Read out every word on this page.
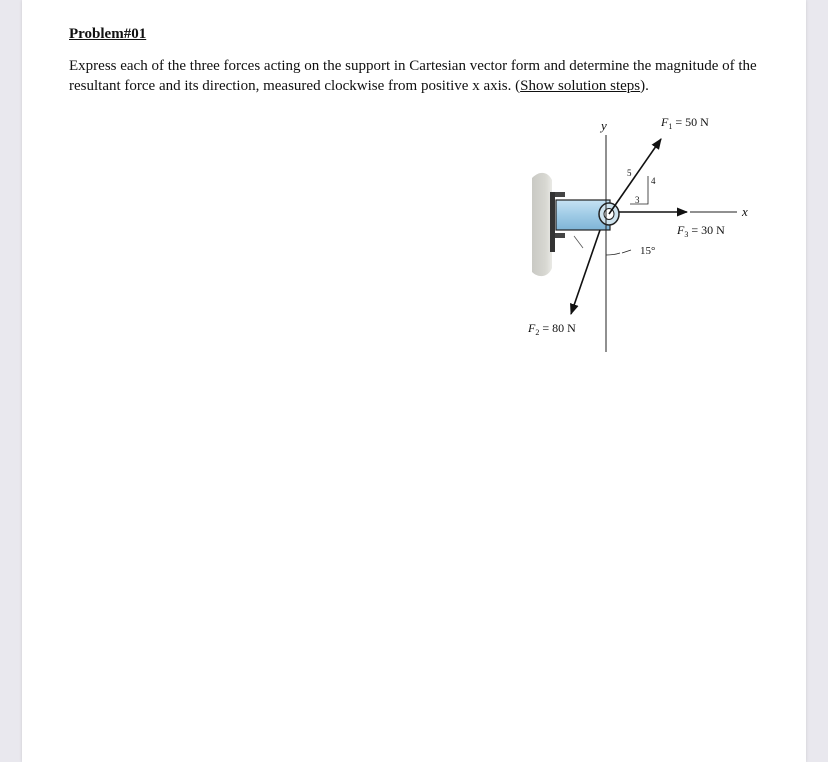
Problem#01
Express each of the three forces acting on the support in Cartesian vector form and determine the magnitude of the resultant force and its direction, measured clockwise from positive x axis. (Show solution steps).
y
x
$F_1 = 50$ N
5
4
3
$F_3 = 30$ N
$F_2 = 80$ N
15°
